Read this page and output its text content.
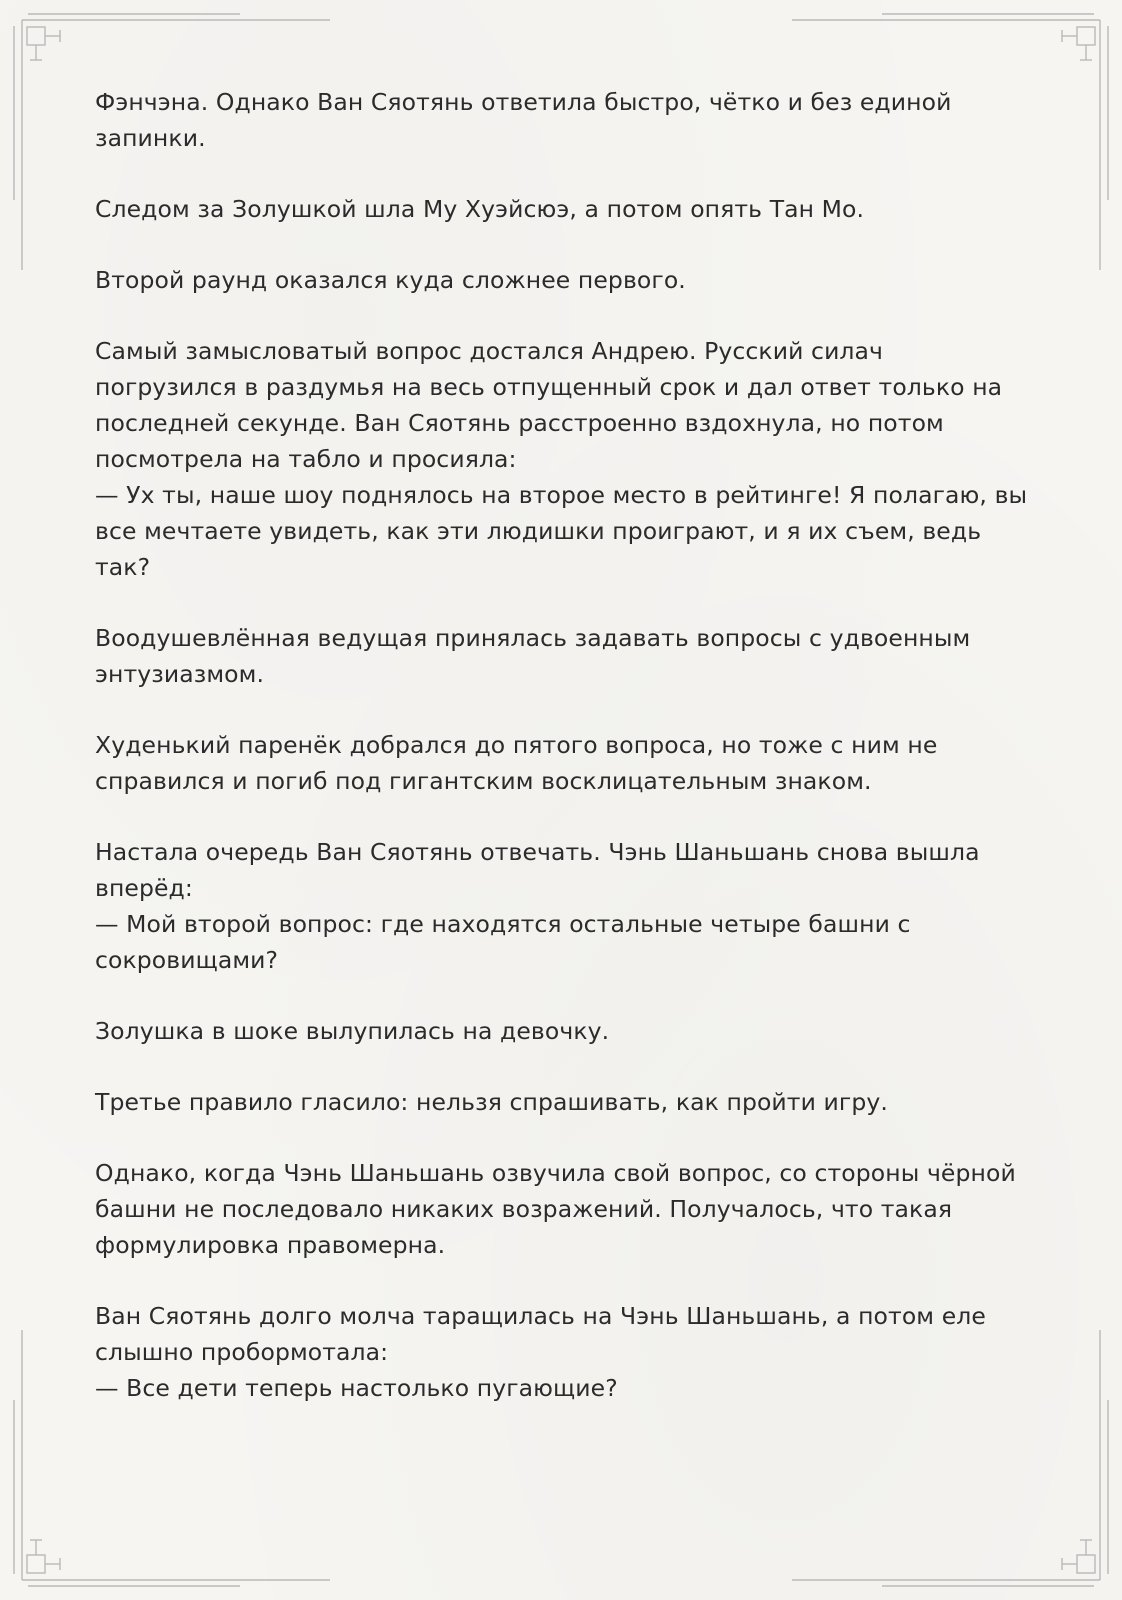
Фэнчэна. Однако Ван Сяотянь ответила быстро, чётко и без единой запинки.

Следом за Золушкой шла Му Хуэйсюэ, а потом опять Тан Мо.

Второй раунд оказался куда сложнее первого.

Самый замысловатый вопрос достался Андрею. Русский силач погрузился в раздумья на весь отпущенный срок и дал ответ только на последней секунде. Ван Сяотянь расстроенно вздохнула, но потом посмотрела на табло и просияла:
— Ух ты, наше шоу поднялось на второе место в рейтинге! Я полагаю, вы все мечтаете увидеть, как эти людишки проиграют, и я их съем, ведь так?

Воодушевлённая ведущая принялась задавать вопросы с удвоенным энтузиазмом.

Худенький паренёк добрался до пятого вопроса, но тоже с ним не справился и погиб под гигантским восклицательным знаком.

Настала очередь Ван Сяотянь отвечать. Чэнь Шаньшань снова вышла вперёд:
— Мой второй вопрос: где находятся остальные четыре башни с сокровищами?

Золушка в шоке вылупилась на девочку.

Третье правило гласило: нельзя спрашивать, как пройти игру.

Однако, когда Чэнь Шаньшань озвучила свой вопрос, со стороны чёрной башни не последовало никаких возражений. Получалось, что такая формулировка правомерна.

Ван Сяотянь долго молча таращилась на Чэнь Шаньшань, а потом еле слышно пробормотала:
— Все дети теперь настолько пугающие?
